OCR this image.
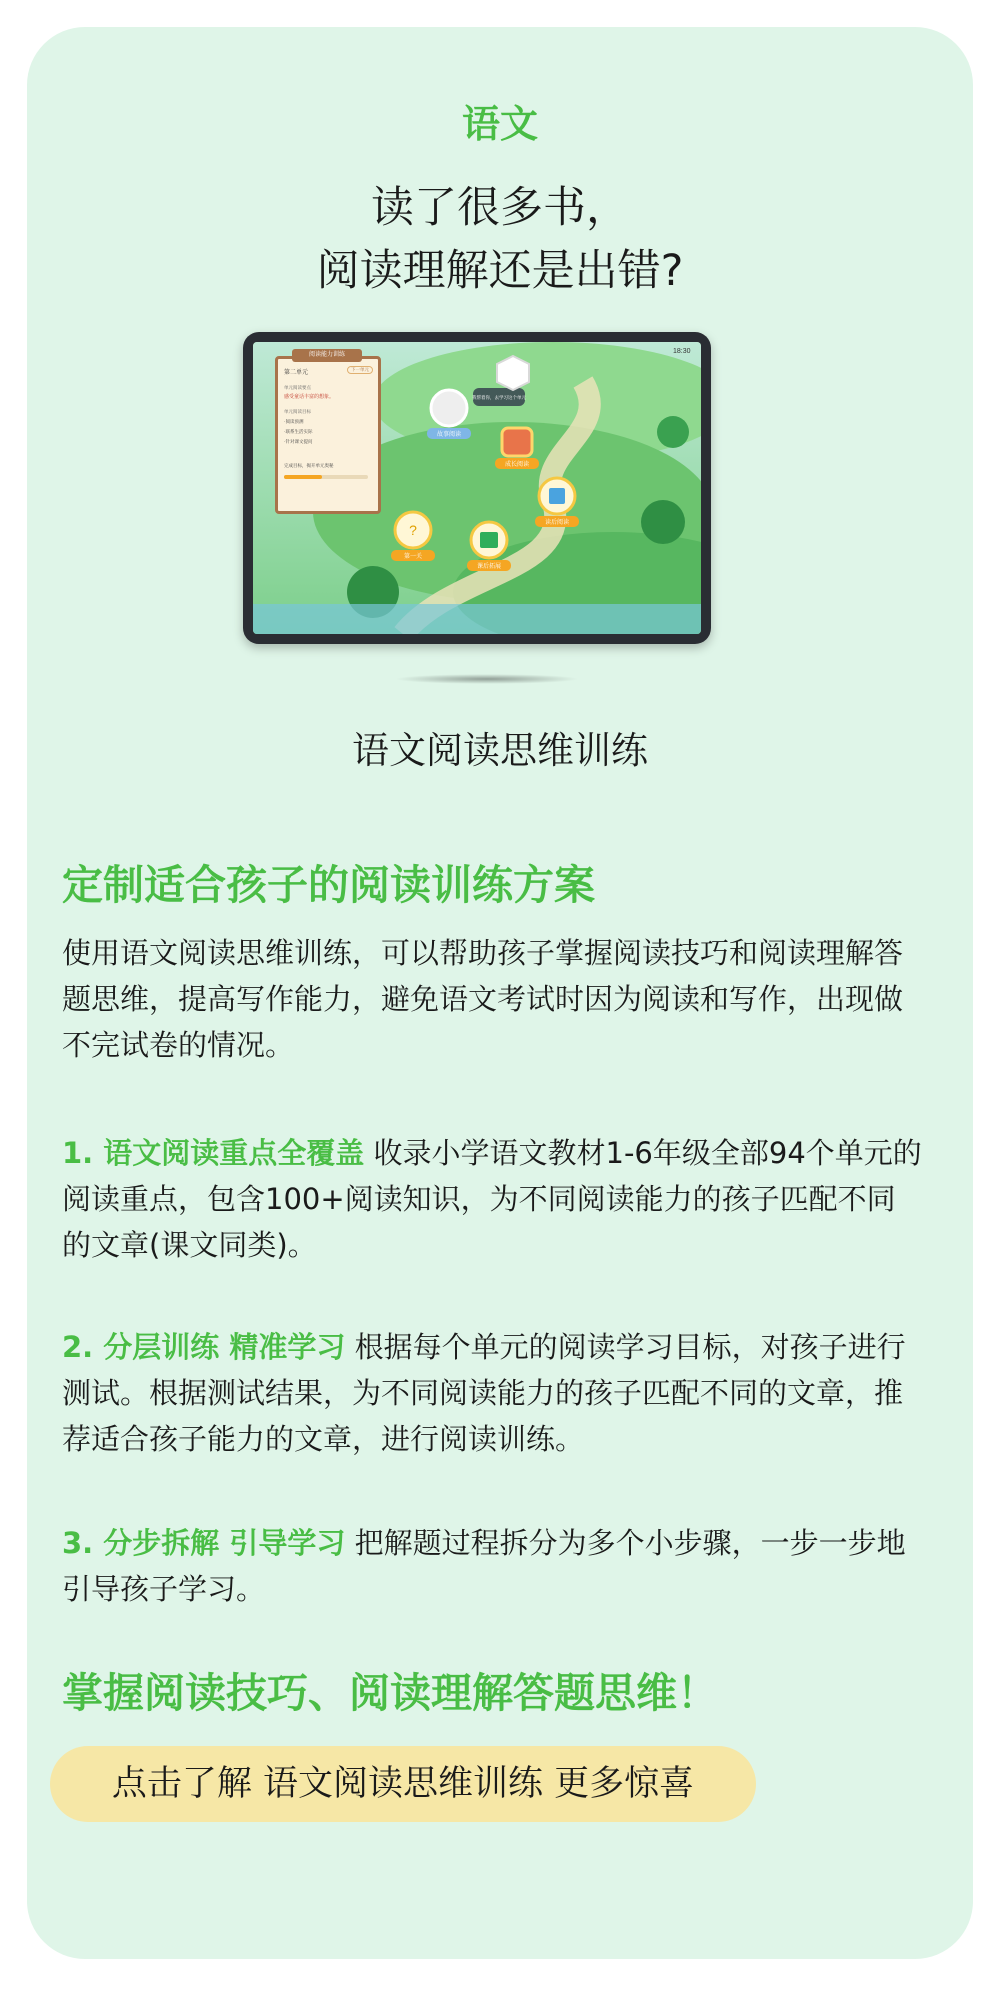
语文
读了很多书，
阅读理解还是出错?
18:30
故事阅读
成长阅读
?
第一关
课后拓展
读后阅读
我帮着你，去学习这个单元
阅读能力训练
第二单元
下一单元
单元阅读要点
感受童话丰富的想象。
单元阅读目标
·阅读预测
·联系生活实际
·针对课文提问
完成目标，揭开单元奥秘
语文阅读思维训练
定制适合孩子的阅读训练方案
使用语文阅读思维训练，可以帮助孩子掌握阅读技巧和阅读理解答题思维，提高写作能力，避免语文考试时因为阅读和写作，出现做不完试卷的情况。
1. 语文阅读重点全覆盖 收录小学语文教材1-6年级全部94个单元的阅读重点，包含100+阅读知识，为不同阅读能力的孩子匹配不同的文章(课文同类)。
2. 分层训练 精准学习 根据每个单元的阅读学习目标，对孩子进行测试。根据测试结果，为不同阅读能力的孩子匹配不同的文章，推荐适合孩子能力的文章，进行阅读训练。
3. 分步拆解 引导学习 把解题过程拆分为多个小步骤，一步一步地引导孩子学习。
掌握阅读技巧、阅读理解答题思维！
点击了解 语文阅读思维训练 更多惊喜
